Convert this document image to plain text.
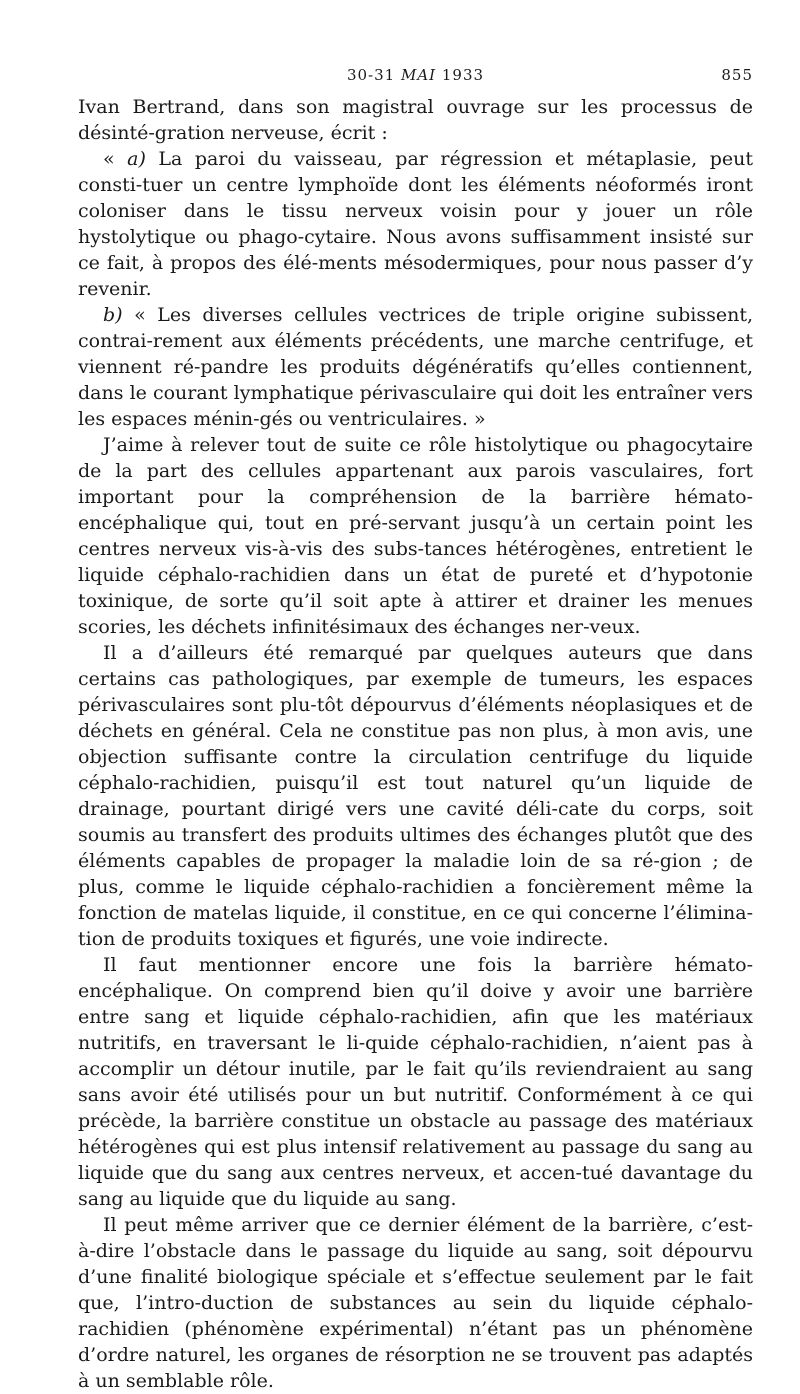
30-31 MAI 1933	855

Ivan Bertrand, dans son magistral ouvrage sur les processus de désinté-gration nerveuse, écrit :

« a) La paroi du vaisseau, par régression et métaplasie, peut consti-tuer un centre lymphoïde dont les éléments néoformés iront coloniser dans le tissu nerveux voisin pour y jouer un rôle hystolytique ou phago-cytaire. Nous avons suffisamment insisté sur ce fait, à propos des élé-ments mésodermiques, pour nous passer d’y revenir.

b) « Les diverses cellules vectrices de triple origine subissent, contrai-rement aux éléments précédents, une marche centrifuge, et viennent ré-pandre les produits dégénératifs qu’elles contiennent, dans le courant lymphatique périvasculaire qui doit les entraîner vers les espaces ménin-gés ou ventriculaires. »

J’aime à relever tout de suite ce rôle histolytique ou phagocytaire de la part des cellules appartenant aux parois vasculaires, fort important pour la compréhension de la barrière hémato-encéphalique qui, tout en pré-servant jusqu’à un certain point les centres nerveux vis-à-vis des subs-tances hétérogènes, entretient le liquide céphalo-rachidien dans un état de pureté et d’hypotonie toxinique, de sorte qu’il soit apte à attirer et drainer les menues scories, les déchets infinitésimaux des échanges ner-veux.

Il a d’ailleurs été remarqué par quelques auteurs que dans certains cas pathologiques, par exemple de tumeurs, les espaces périvasculaires sont plu-tôt dépourvus d’éléments néoplasiques et de déchets en général. Cela ne constitue pas non plus, à mon avis, une objection suffisante contre la circulation centrifuge du liquide céphalo-rachidien, puisqu’il est tout naturel qu’un liquide de drainage, pourtant dirigé vers une cavité déli-cate du corps, soit soumis au transfert des produits ultimes des échanges plutôt que des éléments capables de propager la maladie loin de sa ré-gion ; de plus, comme le liquide céphalo-rachidien a foncièrement même la fonction de matelas liquide, il constitue, en ce qui concerne l’élimina-tion de produits toxiques et figurés, une voie indirecte.

Il faut mentionner encore une fois la barrière hémato-encéphalique. On comprend bien qu’il doive y avoir une barrière entre sang et liquide céphalo-rachidien, afin que les matériaux nutritifs, en traversant le li-quide céphalo-rachidien, n’aient pas à accomplir un détour inutile, par le fait qu’ils reviendraient au sang sans avoir été utilisés pour un but nutritif. Conformément à ce qui précède, la barrière constitue un obstacle au passage des matériaux hétérogènes qui est plus intensif relativement au passage du sang au liquide que du sang aux centres nerveux, et accen-tué davantage du sang au liquide que du liquide au sang.

Il peut même arriver que ce dernier élément de la barrière, c’est-à-dire l’obstacle dans le passage du liquide au sang, soit dépourvu d’une finalité biologique spéciale et s’effectue seulement par le fait que, l’intro-duction de substances au sein du liquide céphalo-rachidien (phénomène expérimental) n’étant pas un phénomène d’ordre naturel, les organes de résorption ne se trouvent pas adaptés à un semblable rôle.
